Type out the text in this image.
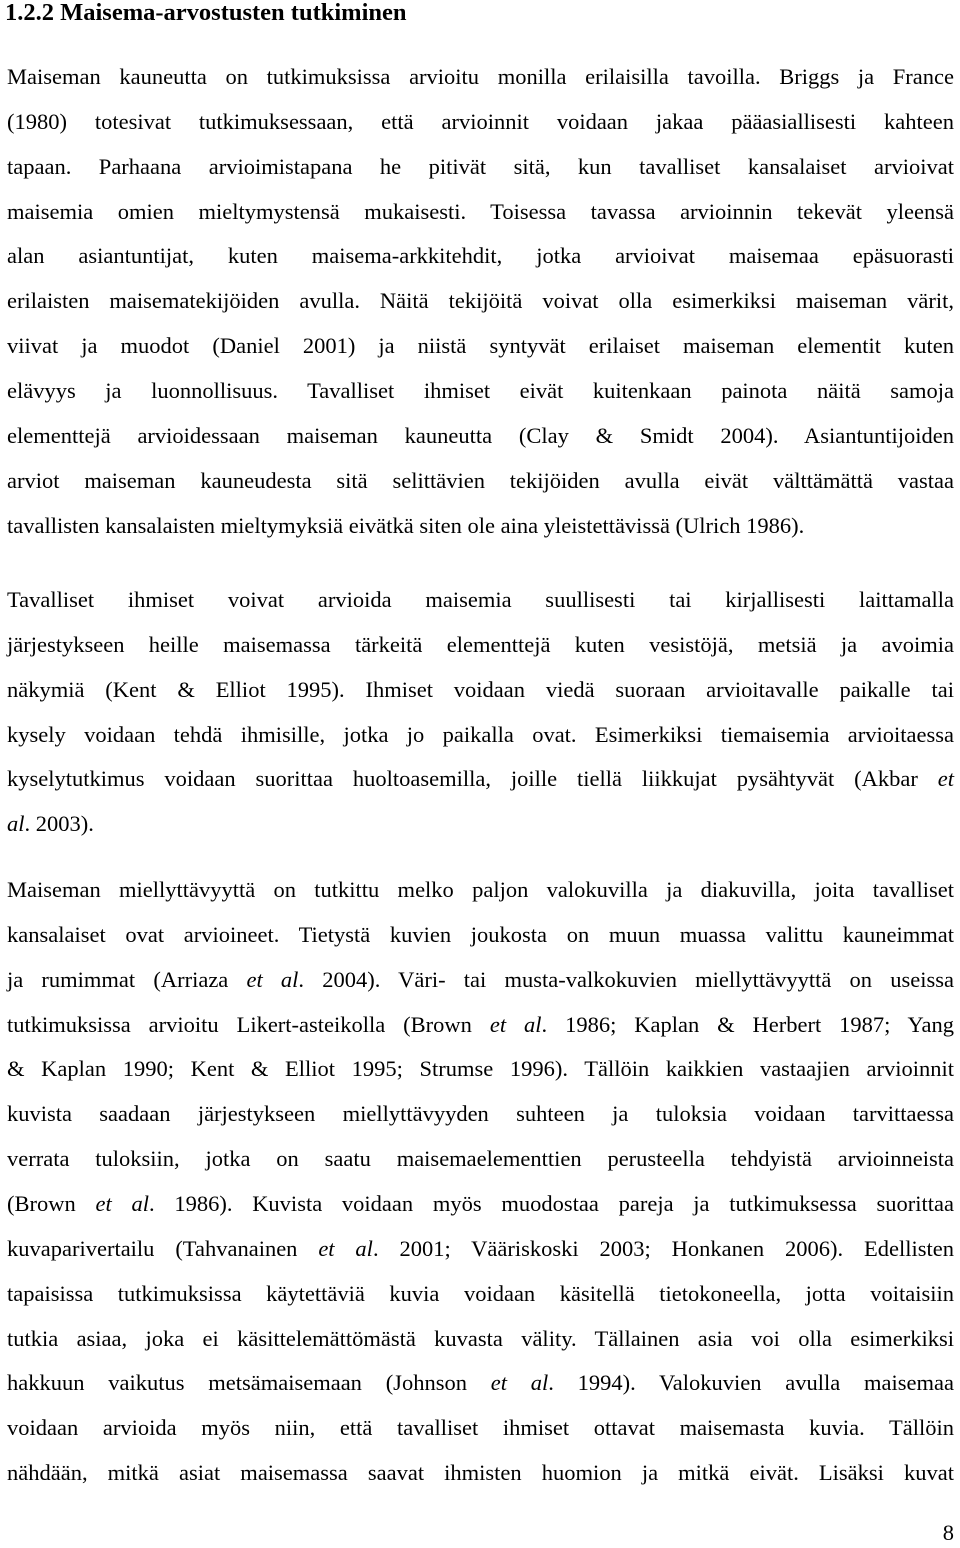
1.2.2 Maisema-arvostusten tutkiminen
Maiseman kauneutta on tutkimuksissa arvioitu monilla erilaisilla tavoilla. Briggs ja France
(1980) totesivat tutkimuksessaan, että arvioinnit voidaan jakaa pääasiallisesti kahteen
tapaan. Parhaana arvioimistapana he pitivät sitä, kun tavalliset kansalaiset arvioivat
maisemia omien mieltymystensä mukaisesti. Toisessa tavassa arvioinnin tekevät yleensä
alan asiantuntijat, kuten maisema-arkkitehdit, jotka arvioivat maisemaa epäsuorasti
erilaisten maisematekijöiden avulla. Näitä tekijöitä voivat olla esimerkiksi maiseman värit,
viivat ja muodot (Daniel 2001) ja niistä syntyvät erilaiset maiseman elementit kuten
elävyys ja luonnollisuus. Tavalliset ihmiset eivät kuitenkaan painota näitä samoja
elementtejä arvioidessaan maiseman kauneutta (Clay & Smidt 2004). Asiantuntijoiden
arviot maiseman kauneudesta sitä selittävien tekijöiden avulla eivät välttämättä vastaa
tavallisten kansalaisten mieltymyksiä eivätkä siten ole aina yleistettävissä (Ulrich 1986).
Tavalliset ihmiset voivat arvioida maisemia suullisesti tai kirjallisesti laittamalla
järjestykseen heille maisemassa tärkeitä elementtejä kuten vesistöjä, metsiä ja avoimia
näkymiä (Kent & Elliot 1995). Ihmiset voidaan viedä suoraan arvioitavalle paikalle tai
kysely voidaan tehdä ihmisille, jotka jo paikalla ovat. Esimerkiksi tiemaisemia arvioitaessa
kyselytutkimus voidaan suorittaa huoltoasemilla, joille tiellä liikkujat pysähtyvät (Akbar et
al. 2003).
Maiseman miellyttävyyttä on tutkittu melko paljon valokuvilla ja diakuvilla, joita tavalliset
kansalaiset ovat arvioineet. Tietystä kuvien joukosta on muun muassa valittu kauneimmat
ja rumimmat (Arriaza et al. 2004). Väri- tai musta-valkokuvien miellyttävyyttä on useissa
tutkimuksissa arvioitu Likert-asteikolla (Brown et al. 1986; Kaplan & Herbert 1987; Yang
& Kaplan 1990; Kent & Elliot 1995; Strumse 1996). Tällöin kaikkien vastaajien arvioinnit
kuvista saadaan järjestykseen miellyttävyyden suhteen ja tuloksia voidaan tarvittaessa
verrata tuloksiin, jotka on saatu maisemaelementtien perusteella tehdyistä arvioinneista
(Brown et al. 1986). Kuvista voidaan myös muodostaa pareja ja tutkimuksessa suorittaa
kuvaparivertailu (Tahvanainen et al. 2001; Vääriskoski 2003; Honkanen 2006). Edellisten
tapaisissa tutkimuksissa käytettäviä kuvia voidaan käsitellä tietokoneella, jotta voitaisiin
tutkia asiaa, joka ei käsittelemättömästä kuvasta välity. Tällainen asia voi olla esimerkiksi
hakkuun vaikutus metsämaisemaan (Johnson et al. 1994). Valokuvien avulla maisemaa
voidaan arvioida myös niin, että tavalliset ihmiset ottavat maisemasta kuvia. Tällöin
nähdään, mitkä asiat maisemassa saavat ihmisten huomion ja mitkä eivät. Lisäksi kuvat
8
